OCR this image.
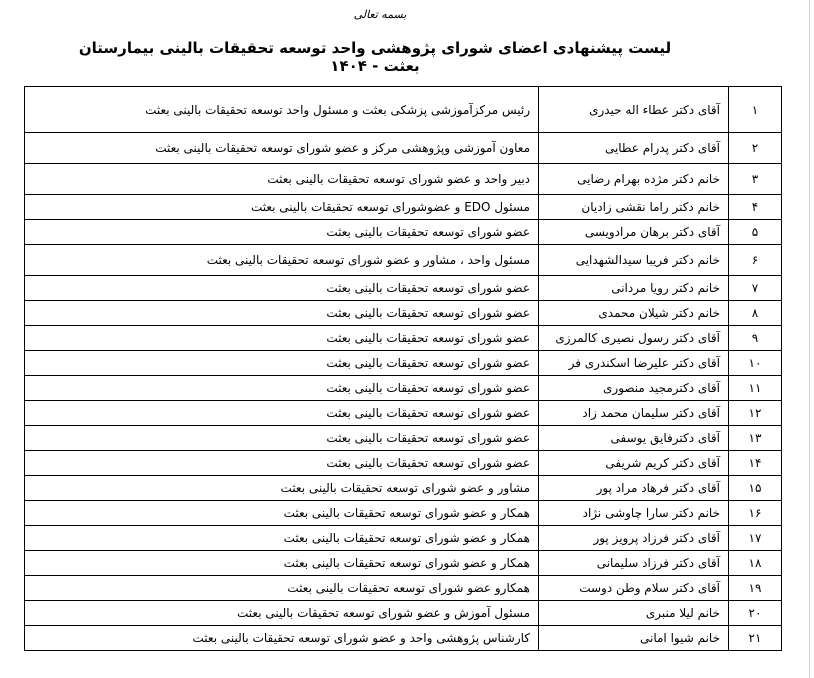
بسمه تعالی
لیست پیشنهادی اعضای شورای پژوهشی واحد توسعه تحقیقات بالینی بیمارستان بعثت - ۱۴۰۴
۱	آقای دکتر عطاء اله حیدری	رئیس مرکزآموزشی پزشکی بعثت و مسئول واحد توسعه تحقیقات بالینی بعثت
۲	آقای دکتر پدرام عطایی	معاون آموزشی وپژوهشی مرکز و عضو شورای توسعه تحقیقات بالینی بعثت
۳	خانم دکتر مژده بهرام رضایی	دبیر واحد و عضو شورای توسعه تحقیقات بالینی بعثت
۴	خانم دکتر راما نقشی زادیان	مسئول EDO و عضوشورای توسعه تحقیقات بالینی بعثت
۵	آقای دکتر برهان مرادویسی	عضو شورای توسعه تحقیقات بالینی بعثت
۶	خانم دکتر فریبا سیدالشهدایی	مسئول واحد ، مشاور و عضو شورای توسعه تحقیقات بالینی بعثت
۷	خانم دکتر رویا مردانی	عضو شورای توسعه تحقیقات بالینی بعثت
۸	خانم دکتر شیلان محمدی	عضو شورای توسعه تحقیقات بالینی بعثت
۹	آقای دکتر رسول نصیری کالمرزی	عضو شورای توسعه تحقیقات بالینی بعثت
۱۰	آقای دکتر علیرضا اسکندری فر	عضو شورای توسعه تحقیقات بالینی بعثت
۱۱	آقای دکترمجید منصوری	عضو شورای توسعه تحقیقات بالینی بعثت
۱۲	آقای دکتر سلیمان محمد زاد	عضو شورای توسعه تحقیقات بالینی بعثت
۱۳	آقای دکترفایق یوسفی	عضو شورای توسعه تحقیقات بالینی بعثت
۱۴	آقای دکتر کریم شریفی	عضو شورای توسعه تحقیقات بالینی بعثت
۱۵	آقای دکتر فرهاد مراد پور	مشاور و عضو شورای توسعه تحقیقات بالینی بعثت
۱۶	خانم دکتر سارا چاوشی نژاد	همکار و عضو شورای توسعه تحقیقات بالینی بعثت
۱۷	آقای دکتر فرزاد پرویز پور	همکار و عضو شورای توسعه تحقیقات بالینی بعثت
۱۸	آقای دکتر فرزاد سلیمانی	همکار و عضو شورای توسعه تحقیقات بالینی بعثت
۱۹	آقای دکتر سلام وطن دوست	همکارو عضو شورای توسعه تحقیقات بالینی بعثت
۲۰	خانم لیلا منبری	مسئول آموزش و عضو شورای توسعه تحقیقات بالینی بعثت
۲۱	خانم شیوا امانی	کارشناس پژوهشی واحد و عضو شورای توسعه تحقیقات بالینی بعثت
